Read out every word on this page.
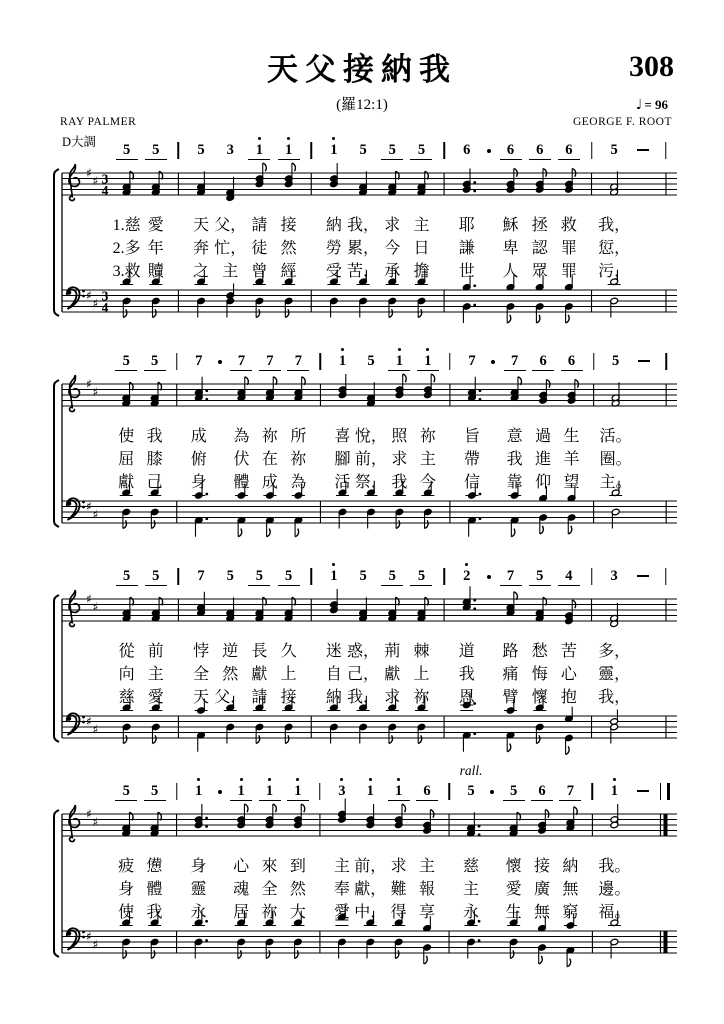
天父接納我	308
(羅12:1)	♩ = 96
RAY PALMER	GEORGE F. ROOT
D大調
♯
♯
♯
♯
3
4
3
4
5	5	5	3	1	1	1	5	5	5	6	6	6	6	5
1.慈 愛 天 父， 請 接 納 我， 求 主 耶 穌 拯 救 我，
2.多 年 奔 忙， 徒 然 勞 累， 今 日 謙 卑 認 罪 愆，
3.救 贖 之 主 曾 經 受 苦， 承 擔 世 人 眾 罪 污，
♯
♯
♯
♯
5	5	7	7	7	7	1	5	1	1	7	7	6	6	5
使 我 成 為 祢 所 喜 悅， 照 祢 旨 意 過 生 活。
屈 膝 俯 伏 在 祢 腳 前， 求 主 帶 我 進 羊 圈。
獻 己 身 體 成 為 活 祭， 我 今 信 靠 仰 望 主。
♯
♯
♯
♯
5	5	7	5	5	5	1	5	5	5	2	7	5	4	3
從 前 悖 逆 長 久 迷 惑， 荊 棘 道 路 愁 苦 多，
向 主 全 然 獻 上 自 己， 獻 上 我 痛 悔 心 靈，
慈 愛 天 父， 請 接 納 我， 求 祢 恩 臂 懷 抱 我，
♯
♯
♯
♯
5	5	1	1	1	1	3	1	1	6	5	5	6	7	1
疲 憊 身 心 來 到 主 前， 求 主 慈 懷 接 納 我。
身 體 靈 魂 全 然 奉 獻， 難 報 主 愛 廣 無 邊。
使 我 永 居 祢 大 愛 中， 得 享 永 生 無 窮 福。
rall.
